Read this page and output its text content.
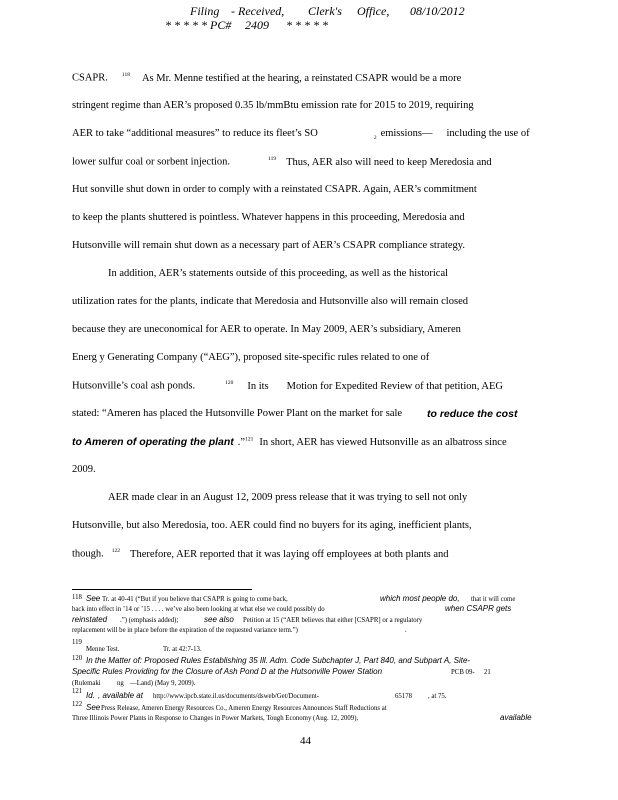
Filing - Received, Clerk's Office, 08/10/2012
* * * * * PC# 2409 * * * * *
CSAPR.	$^{118}$ As Mr. Menne testified at the hearing, a reinstated CSAPR would be a more
stringent regime than AER’s proposed 0.35 lb/mmBtu emission rate for 2015 to 2019, requiring
AER to take “additional measures” to reduce its fleet’s SO	$_2$ emissions— including the use of
lower sulfur coal or sorbent injection.	$^{119}$ Thus, AER also will need to keep Meredosia and
Hut sonville shut down in order to comply with a reinstated CSAPR. Again, AER’s commitment
to keep the plants shuttered is pointless. Whatever happens in this proceeding, Meredosia and
Hutsonville will remain shut down as a necessary part of AER’s CSAPR compliance strategy.
In addition, AER’s statements outside of this proceeding, as well as the historical
utilization rates for the plants, indicate that Meredosia and Hutsonville also will remain closed
because they are uneconomical for AER to operate. In May 2009, AER’s subsidiary, Ameren
Energ y Generating Company (“AEG”), proposed site-specific rules related to one of
Hutsonville’s coal ash ponds.	$^{120}$ In its Motion for Expedited Review of that petition, AEG
stated: “Ameren has placed the Hutsonville Power Plant on the market for sale to reduce the cost
to Ameren of operating the plant .”$^{121}$ In short, AER has viewed Hutsonville as an albatross since
2009.
AER made clear in an August 12, 2009 press release that it was trying to sell not only
Hutsonville, but also Meredosia, too. AER could find no buyers for its aging, inefficient plants,
though. $^{122}$ Therefore, AER reported that it was laying off employees at both plants and
118 See Tr. at 40-41 (“But if you believe that CSAPR is going to come back,	which most people do, that it will come
back into effect in ’14 or ’15 . . . . we’ve also been looking at what else we could possibly do	when CSAPR gets
reinstated .”) (emphasis added);	see also Petition at 15 (“AER believes that either [CSAPR] or a regulatory
replacement will be in place before the expiration of the requested variance term.”)	.
119
Menne Test.	Tr. at 42:7-13.
120 In the Matter of: Proposed Rules Establishing 35 Ill. Adm. Code Subchapter J, Part 840, and Subpart A, Site-
Specific Rules Providing for the Closure of Ash Pond D at the Hutsonville Power Station	PCB 09- 21
(Rulemaki ng —Land) (May 9, 2009).
121 Id. , available at http://www.ipcb.state.il.us/documents/dsweb/Get/Document-	65178 , at 75.
122 See Press Release, Ameren Energy Resources Co., Ameren Energy Resources Announces Staff Reductions at
Three Illinois Power Plants in Response to Changes in Power Markets, Tough Economy (Aug. 12, 2009),	available
44
